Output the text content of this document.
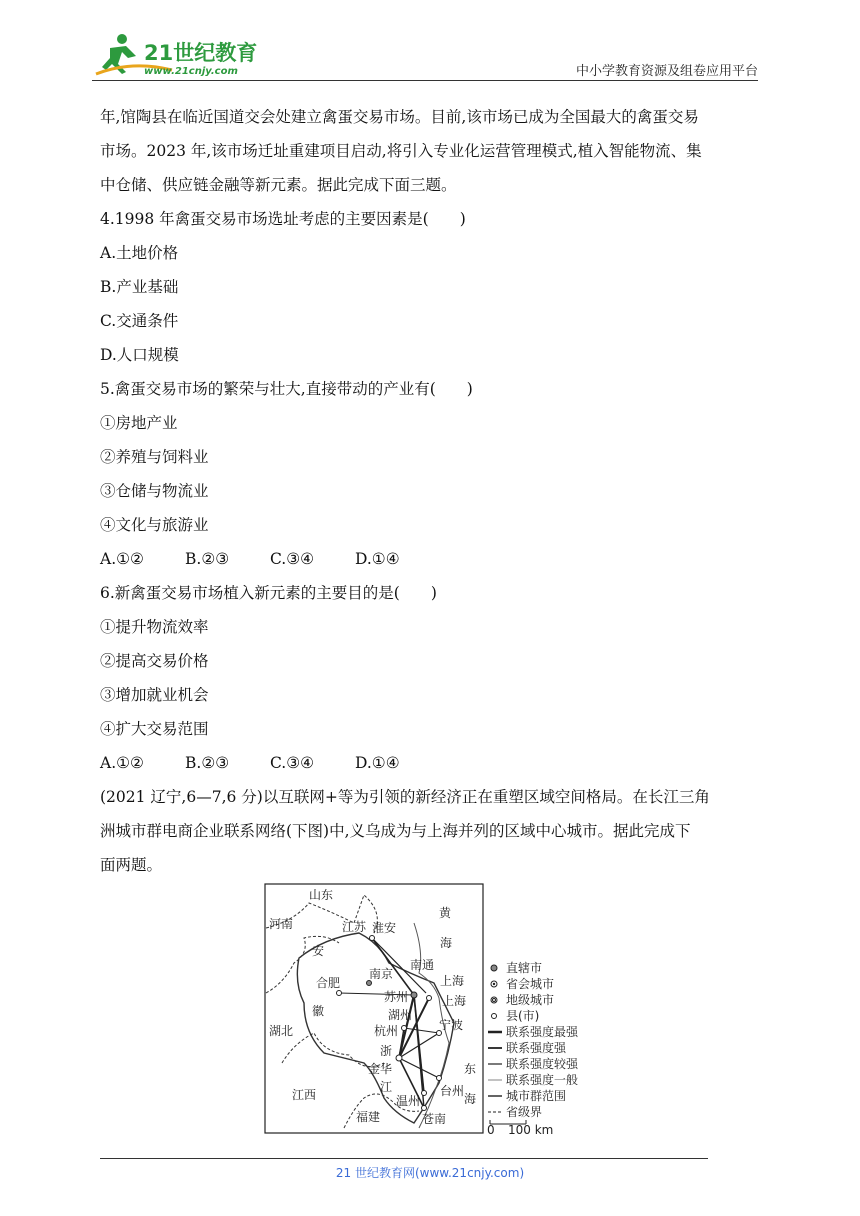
21世纪教育
www.21cnjy.com	中小学教育资源及组卷应用平台

年,馆陶县在临近国道交会处建立禽蛋交易市场。目前,该市场已成为全国最大的禽蛋交易

市场。2023 年,该市场迁址重建项目启动,将引入专业化运营管理模式,植入智能物流、集

中仓储、供应链金融等新元素。据此完成下面三题。

4.1998 年禽蛋交易市场选址考虑的主要因素是(　　)

A.土地价格

B.产业基础

C.交通条件

D.人口规模

5.禽蛋交易市场的繁荣与壮大,直接带动的产业有(　　)

①房地产业

②养殖与饲料业

③仓储与物流业

④文化与旅游业

A.①②	B.②③	C.③④	D.①④

6.新禽蛋交易市场植入新元素的主要目的是(　　)

①提升物流效率

②提高交易价格

③增加就业机会

④扩大交易范围

A.①②	B.②③	C.③④	D.①④

(2021 辽宁,6—7,6 分)以互联网+等为引领的新经济正在重塑区域空间格局。在长江三角

洲城市群电商企业联系网络(下图)中,义乌成为与上海并列的区域中心城市。据此完成下

面两题。

山东
河南	江苏 淮安
安
合肥
徽
南京
南通
上海
上海
苏州
湖州
杭州	宁波
湖北
浙
金华
江
温州
台州
苍南
江西
福建
黄
海
东
海
直辖市
省会城市
地级城市
县(市)
联系强度最强
联系强度强
联系强度较强
联系强度一般
城市群范围
省级界
0 100 km
21 世纪教育网(www.21cnjy.com)
